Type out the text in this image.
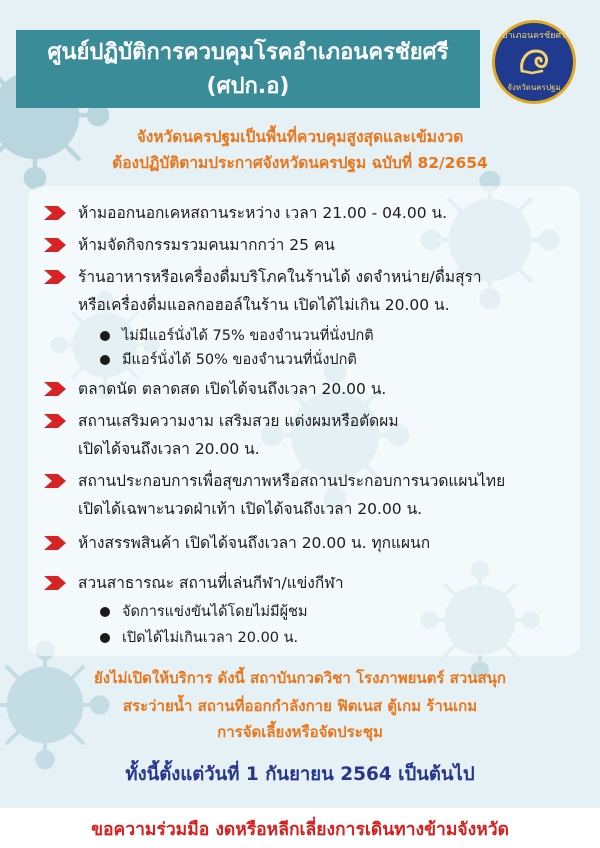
ศูนย์ปฏิบัติการควบคุมโรคอำเภอนครชัยศรี
(ศปก.อ)
อำเภอนครชัยศรี
จังหวัดนครปฐม
จังหวัดนครปฐมเป็นพื้นที่ควบคุมสูงสุดและเข้มงวด
ต้องปฏิบัติตามประกาศจังหวัดนครปฐม ฉบับที่ 82/2654
ห้ามออกนอกเคหสถานระหว่าง เวลา 21.00 - 04.00 น.
ห้ามจัดกิจกรรมรวมคนมากกว่า 25 คน
ร้านอาหารหรือเครื่องดื่มบริโภคในร้านได้ งดจำหน่าย/ดื่มสุรา
หรือเครื่องดื่มแอลกอฮอล์ในร้าน เปิดได้ไม่เกิน 20.00 น.
ไม่มีแอร์นั่งได้ 75% ของจำนวนที่นั่งปกติ
มีแอร์นั่งได้ 50% ของจำนวนที่นั่งปกติ
ตลาดนัด ตลาดสด เปิดได้จนถึงเวลา 20.00 น.
สถานเสริมความงาม เสริมสวย แต่งผมหรือตัดผม
เปิดได้จนถึงเวลา 20.00 น.
สถานประกอบการเพื่อสุขภาพหรือสถานประกอบการนวดแผนไทย
เปิดได้เฉพาะนวดฝ่าเท้า เปิดได้จนถึงเวลา 20.00 น.
ห้างสรรพสินค้า เปิดได้จนถึงเวลา 20.00 น. ทุกแผนก
สวนสาธารณะ สถานที่เล่นกีฬา/แข่งกีฬา
จัดการแข่งขันได้โดยไม่มีผู้ชม
เปิดได้ไม่เกินเวลา 20.00 น.
ยังไม่เปิดให้บริการ ดังนี้ สถาบันกวดวิชา โรงภาพยนตร์ สวนสนุก
สระว่ายน้ำ สถานที่ออกกำลังกาย ฟิตเนส ตู้เกม ร้านเกม
การจัดเลี้ยงหรือจัดประชุม
ทั้งนี้ตั้งแต่วันที่ 1 กันยายน 2564 เป็นต้นไป
ขอความร่วมมือ งดหรือหลีกเลี่ยงการเดินทางข้ามจังหวัด
